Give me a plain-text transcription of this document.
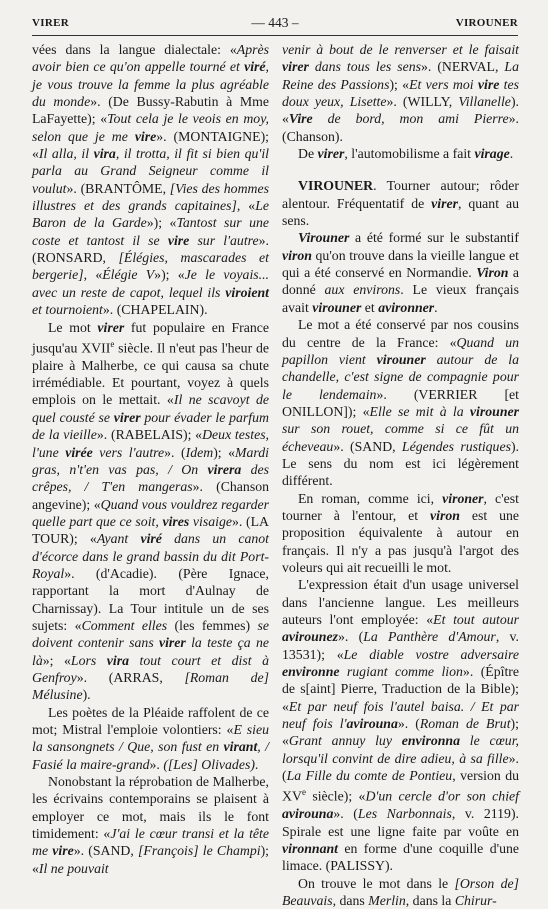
VIRER	— 443 –	VIROUNER

vées dans la langue dialectale: «Après avoir bien ce qu'on appelle tourné et viré, je vous trouve la femme la plus agréable du monde». (De Bussy-Rabutin à Mme LaFayette); «Tout cela je le veois en moy, selon que je me vire». (MONTAIGNE); «Il alla, il vira, il trotta, il fit si bien qu'il parla au Grand Seigneur comme il voulut». (BRANTÔME, [Vies des hommes illustres et des grands capitaines], «Le Baron de la Garde»); «Tantost sur une coste et tantost il se vire sur l'autre». (RONSARD, [Élégies, mascarades et bergerie], «Élégie V»); «Je le voyais... avec un reste de capot, lequel ils viroient et tournoient». (CHAPELAIN).

Le mot virer fut populaire en France jusqu'au XVIIe siècle. Il n'eut pas l'heur de plaire à Malherbe, ce qui causa sa chute irrémédiable. Et pourtant, voyez à quels emplois on le mettait. «Il ne scavoyt de quel cousté se virer pour évader le parfum de la vieille». (RABELAIS); «Deux testes, l'une virée vers l'autre». (Idem); «Mardi gras, n't'en vas pas, / On virera des crêpes, / T'en mangeras». (Chanson angevine); «Quand vous vouldrez regarder quelle part que ce soit, vires visaige». (LA TOUR); «Ayant viré dans un canot d'écorce dans le grand bassin du dit Port-Royal». (d'Acadie). (Père Ignace, rapportant la mort d'Aulnay de Charnissay). La Tour intitule un de ses sujets: «Comment elles (les femmes) se doivent contenir sans virer la teste ça ne là»; «Lors vira tout court et dist à Genfroy». (ARRAS, [Roman de] Mélusine).

Les poètes de la Pléaide raffolent de ce mot; Mistral l'emploie volontiers: «E sieu la sansongnets / Que, son fust en virant, / Fasié la maire-grand». ([Les] Olivades).

Nonobstant la réprobation de Malherbe, les écrivains contemporains se plaisent à employer ce mot, mais ils le font timidement: «J'ai le cœur transi et la tête me vire». (SAND, [François] le Champi); «Il ne pouvait

venir à bout de le renverser et le faisait virer dans tous les sens». (NERVAL, La Reine des Passions); «Et vers moi vire tes doux yeux, Lisette». (WILLY, Villanelle). «Vire de bord, mon ami Pierre». (Chanson).

De virer, l'automobilisme a fait virage.

VIROUNER. Tourner autour; rôder alentour. Fréquentatif de virer, quant au sens.

Virouner a été formé sur le substantif viron qu'on trouve dans la vieille langue et qui a été conservé en Normandie. Viron a donné aux environs. Le vieux français avait virouner et avironner.

Le mot a été conservé par nos cousins du centre de la France: «Quand un papillon vient virouner autour de la chandelle, c'est signe de compagnie pour le lendemain». (VERRIER [et ONILLON]); «Elle se mit à la virouner sur son rouet, comme si ce fût un écheveau». (SAND, Légendes rustiques). Le sens du nom est ici légèrement différent.

En roman, comme ici, vironer, c'est tourner à l'entour, et viron est une proposition équivalente à autour en français. Il n'y a pas jusqu'à l'argot des voleurs qui ait recueilli le mot.

L'expression était d'un usage universel dans l'ancienne langue. Les meilleurs auteurs l'ont employée: «Et tout autour avirounez». (La Panthère d'Amour, v. 13531); «Le diable vostre adversaire environne rugiant comme lion». (Épître de s[aint] Pierre, Traduction de la Bible); «Et par neuf fois l'autel baisa. / Et par neuf fois l'avirouna». (Roman de Brut); «Grant annuy luy environna le cœur, lorsqu'il convint de dire adieu, à sa fille». (La Fille du comte de Pontieu, version du XVe siècle); «D'un cercle d'or son chief avirouna». (Les Narbonnais, v. 2119). Spirale est une ligne faite par voûte en vironnant en forme d'une coquille d'une limace. (PALISSY).

On trouve le mot dans le [Orson de] Beauvais, dans Merlin, dans la Chirur-
